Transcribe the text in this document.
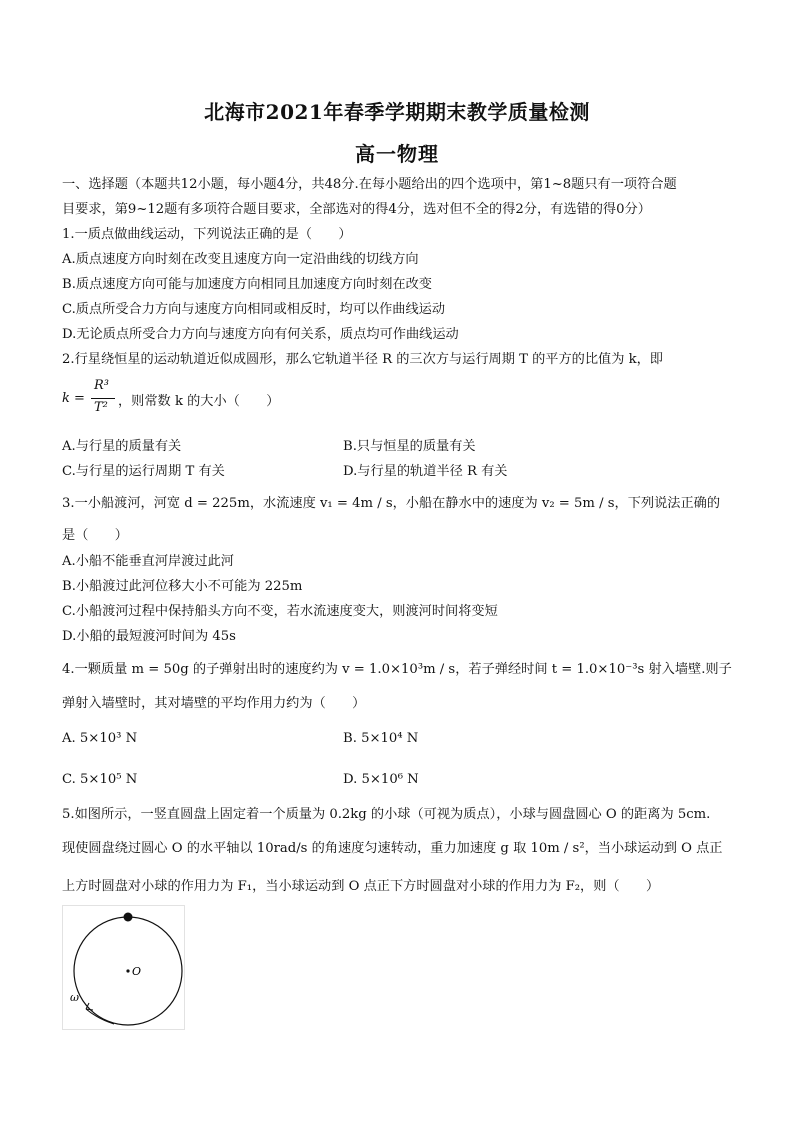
北海市2021年春季学期期末教学质量检测
高一物理
一、选择题（本题共12小题，每小题4分，共48分.在每小题给出的四个选项中，第1~8题只有一项符合题
目要求，第9~12题有多项符合题目要求，全部选对的得4分，选对但不全的得2分，有选错的得0分）
1.一质点做曲线运动，下列说法正确的是（　　）
A.质点速度方向时刻在改变且速度方向一定沿曲线的切线方向
B.质点速度方向可能与加速度方向相同且加速度方向时刻在改变
C.质点所受合力方向与速度方向相同或相反时，均可以作曲线运动
D.无论质点所受合力方向与速度方向有何关系，质点均可作曲线运动
2.行星绕恒星的运动轨道近似成圆形，那么它轨道半径 R 的三次方与运行周期 T 的平方的比值为 k，即
k =
R³
T² ，则常数 k 的大小（　　）
A.与行星的质量有关	B.只与恒星的质量有关
C.与行星的运行周期 T 有关	D.与行星的轨道半径 R 有关
3.一小船渡河，河宽 d = 225m，水流速度 v₁ = 4m / s，小船在静水中的速度为 v₂ = 5m / s，下列说法正确的
是（　　）
A.小船不能垂直河岸渡过此河
B.小船渡过此河位移大小不可能为 225m
C.小船渡河过程中保持船头方向不变，若水流速度变大，则渡河时间将变短
D.小船的最短渡河时间为 45s
4.一颗质量 m = 50g 的子弹射出时的速度约为 v = 1.0×10³m / s，若子弹经时间 t = 1.0×10⁻³s 射入墙壁.则子
弹射入墙壁时，其对墙壁的平均作用力约为（　　）
A. 5×10³ N	B. 5×10⁴ N
C. 5×10⁵ N	D. 5×10⁶ N
5.如图所示，一竖直圆盘上固定着一个质量为 0.2kg 的小球（可视为质点），小球与圆盘圆心 O 的距离为 5cm.
现使圆盘绕过圆心 O 的水平轴以 10rad/s 的角速度匀速转动，重力加速度 g 取 10m / s²，当小球运动到 O 点正
上方时圆盘对小球的作用力为 F₁，当小球运动到 O 点正下方时圆盘对小球的作用力为 F₂，则（　　）
O
ω
